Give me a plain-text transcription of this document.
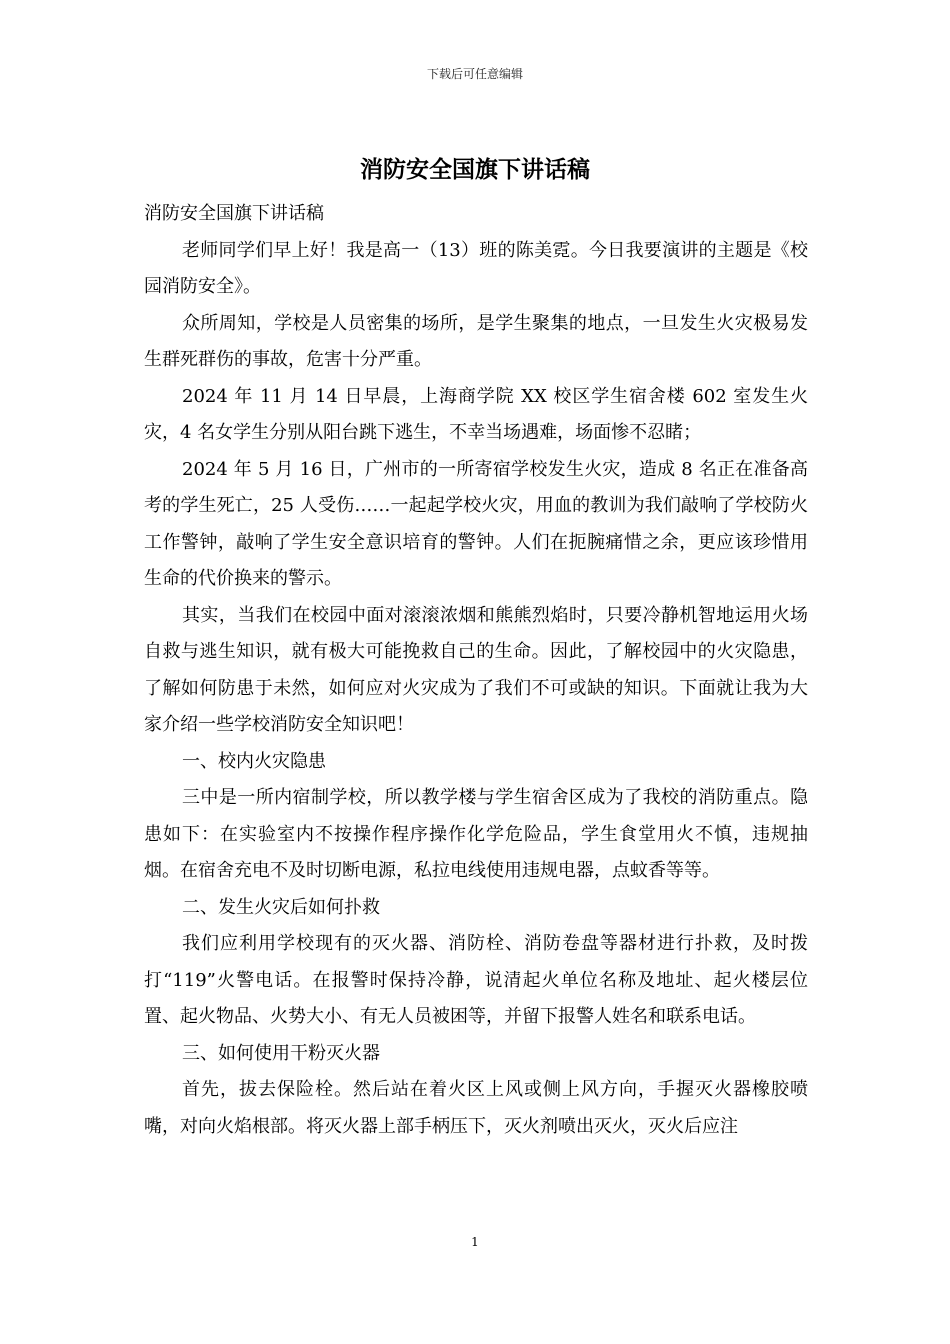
下载后可任意编辑
消防安全国旗下讲话稿

消防安全国旗下讲话稿

老师同学们早上好！我是高一（13）班的陈美霓。今日我要演讲的主题是《校园消防安全》。

众所周知，学校是人员密集的场所，是学生聚集的地点，一旦发生火灾极易发生群死群伤的事故，危害十分严重。

2024 年 11 月 14 日早晨，上海商学院 XX 校区学生宿舍楼 602 室发生火灾，4 名女学生分别从阳台跳下逃生，不幸当场遇难，场面惨不忍睹；

2024 年 5 月 16 日，广州市的一所寄宿学校发生火灾，造成 8 名正在准备高考的学生死亡，25 人受伤……一起起学校火灾，用血的教训为我们敲响了学校防火工作警钟，敲响了学生安全意识培育的警钟。人们在扼腕痛惜之余，更应该珍惜用生命的代价换来的警示。

其实，当我们在校园中面对滚滚浓烟和熊熊烈焰时，只要冷静机智地运用火场自救与逃生知识，就有极大可能挽救自己的生命。因此，了解校园中的火灾隐患，了解如何防患于未然，如何应对火灾成为了我们不可或缺的知识。下面就让我为大家介绍一些学校消防安全知识吧！

一、校内火灾隐患

三中是一所内宿制学校，所以教学楼与学生宿舍区成为了我校的消防重点。隐患如下：在实验室内不按操作程序操作化学危险品，学生食堂用火不慎，违规抽烟。在宿舍充电不及时切断电源，私拉电线使用违规电器，点蚊香等等。

二、发生火灾后如何扑救

我们应利用学校现有的灭火器、消防栓、消防卷盘等器材进行扑救，及时拨打“119”火警电话。在报警时保持冷静，说清起火单位名称及地址、起火楼层位置、起火物品、火势大小、有无人员被困等，并留下报警人姓名和联系电话。

三、如何使用干粉灭火器

首先，拔去保险栓。然后站在着火区上风或侧上风方向，手握灭火器橡胶喷嘴，对向火焰根部。将灭火器上部手柄压下，灭火剂喷出灭火，灭火后应注

1
